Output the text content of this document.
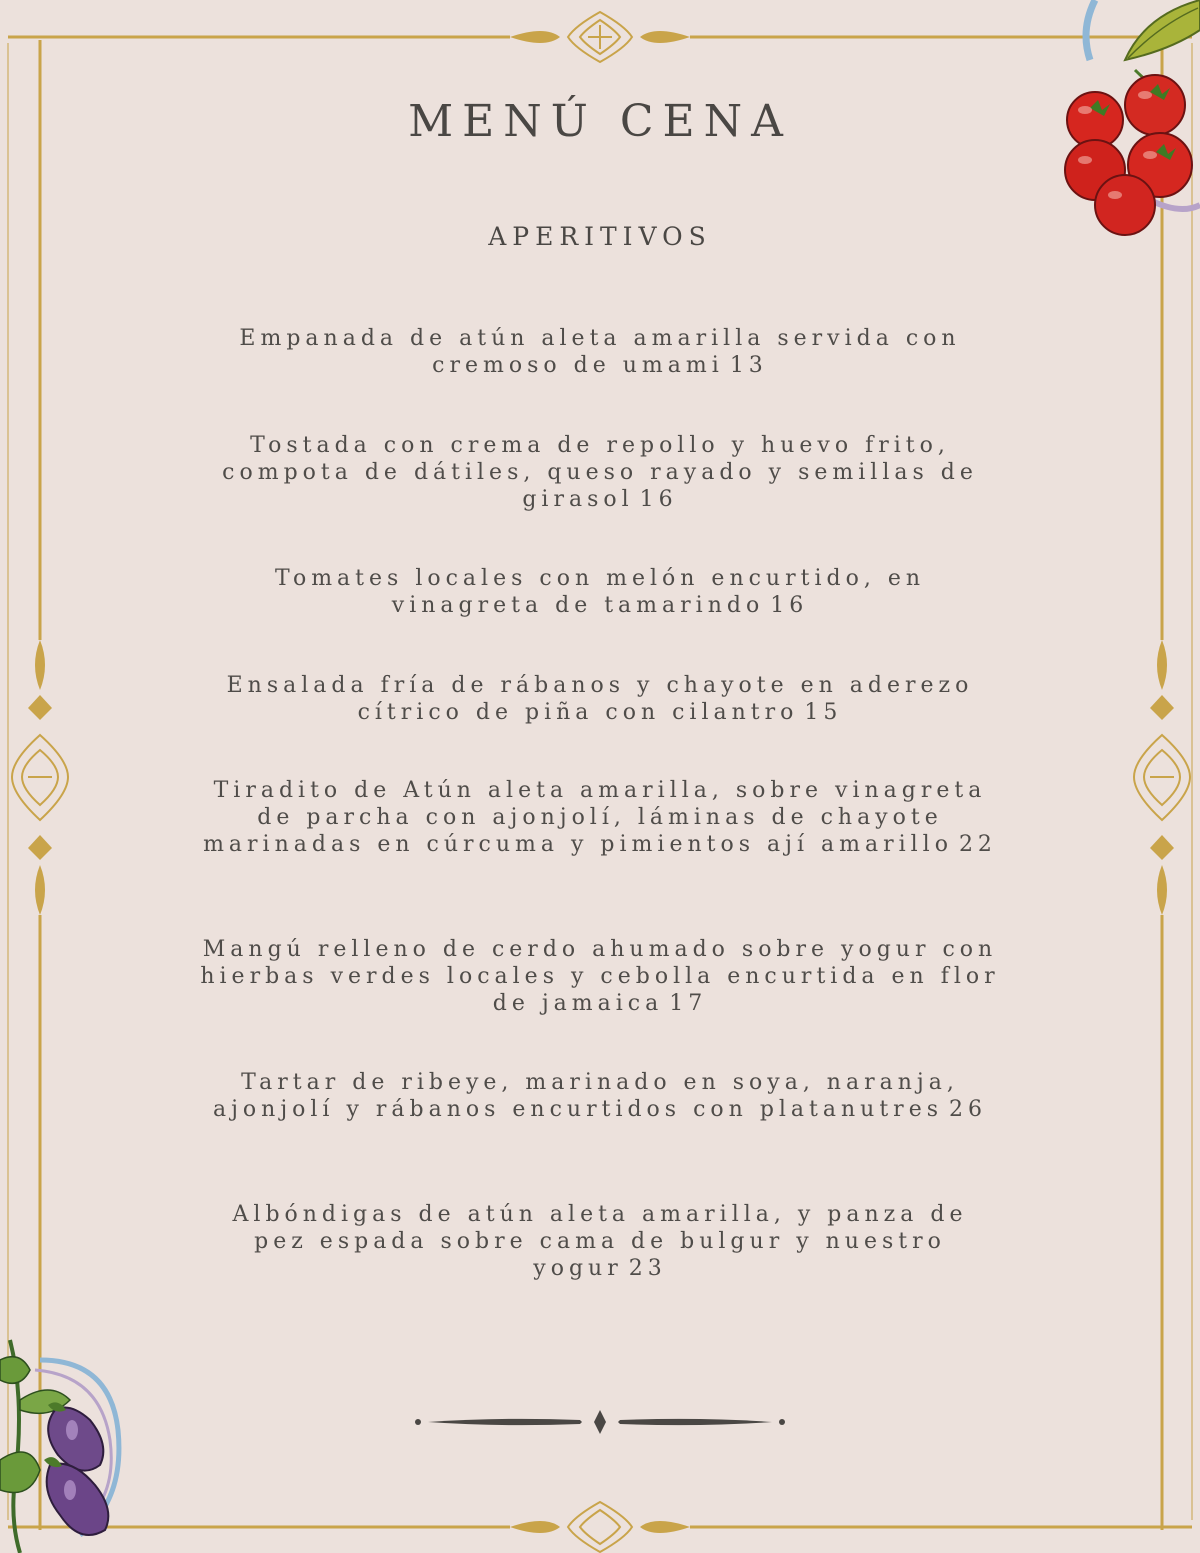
MENÚ CENA
APERITIVOS

Empanada de atún aleta amarilla servida con cremoso de umami 13

Tostada con crema de repollo y huevo frito, compota de dátiles, queso rayado y semillas de girasol 16

Tomates locales con melón encurtido, en vinagreta de tamarindo 16

Ensalada fría de rábanos y chayote en aderezo cítrico de piña con cilantro 15

Tiradito de Atún aleta amarilla, sobre vinagreta de parcha con ajonjolí, láminas de chayote marinadas en cúrcuma y pimientos ají amarillo 22

Mangú relleno de cerdo ahumado sobre yogur con hierbas verdes locales y cebolla encurtida en flor de jamaica 17

Tartar de ribeye, marinado en soya, naranja, ajonjolí y rábanos encurtidos con platanutres 26

Albóndigas de atún aleta amarilla, y panza de pez espada sobre cama de bulgur y nuestro yogur 23
